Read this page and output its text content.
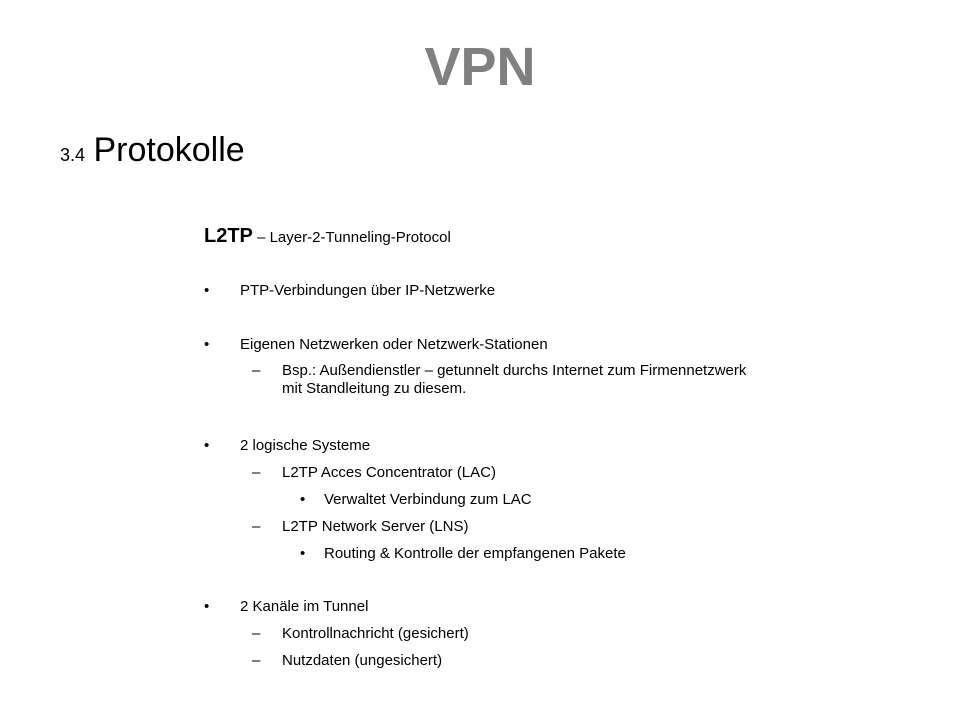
VPN
3.4 Protokolle
L2TP – Layer-2-Tunneling-Protocol
• PTP-Verbindungen über IP-Netzwerke
• Eigenen Netzwerken oder Netzwerk-Stationen
– Bsp.: Außendienstler – getunnelt durchs Internet zum Firmennetzwerk mit Standleitung zu diesem.
• 2 logische Systeme
– L2TP Acces Concentrator (LAC)
• Verwaltet Verbindung zum LAC
– L2TP Network Server (LNS)
• Routing & Kontrolle der empfangenen Pakete
• 2 Kanäle im Tunnel
– Kontrollnachricht (gesichert)
– Nutzdaten (ungesichert)
